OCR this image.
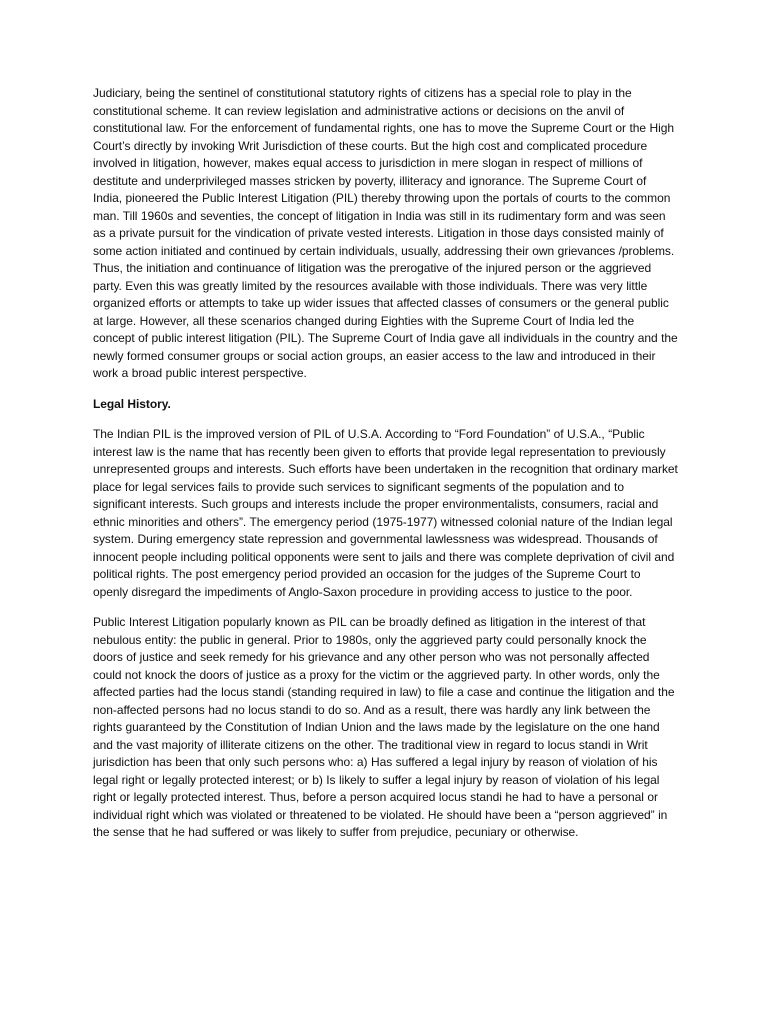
Judiciary, being the sentinel of constitutional statutory rights of citizens has a special role to play in the constitutional scheme. It can review legislation and administrative actions or decisions on the anvil of constitutional law. For the enforcement of fundamental rights, one has to move the Supreme Court or the High Court’s directly by invoking Writ Jurisdiction of these courts. But the high cost and complicated procedure involved in litigation, however, makes equal access to jurisdiction in mere slogan in respect of millions of destitute and underprivileged masses stricken by poverty, illiteracy and ignorance. The Supreme Court of India, pioneered the Public Interest Litigation (PIL) thereby throwing upon the portals of courts to the common man. Till 1960s and seventies, the concept of litigation in India was still in its rudimentary form and was seen as a private pursuit for the vindication of private vested interests. Litigation in those days consisted mainly of some action initiated and continued by certain individuals, usually, addressing their own grievances /problems. Thus, the initiation and continuance of litigation was the prerogative of the injured person or the aggrieved party. Even this was greatly limited by the resources available with those individuals. There was very little organized efforts or attempts to take up wider issues that affected classes of consumers or the general public at large. However, all these scenarios changed during Eighties with the Supreme Court of India led the concept of public interest litigation (PIL). The Supreme Court of India gave all individuals in the country and the newly formed consumer groups or social action groups, an easier access to the law and introduced in their work a broad public interest perspective.

Legal History.

The Indian PIL is the improved version of PIL of U.S.A. According to “Ford Foundation” of U.S.A., “Public interest law is the name that has recently been given to efforts that provide legal representation to previously unrepresented groups and interests. Such efforts have been undertaken in the recognition that ordinary market place for legal services fails to provide such services to significant segments of the population and to significant interests. Such groups and interests include the proper environmentalists, consumers, racial and ethnic minorities and others”. The emergency period (1975-1977) witnessed colonial nature of the Indian legal system. During emergency state repression and governmental lawlessness was widespread. Thousands of innocent people including political opponents were sent to jails and there was complete deprivation of civil and political rights. The post emergency period provided an occasion for the judges of the Supreme Court to openly disregard the impediments of Anglo-Saxon procedure in providing access to justice to the poor.

Public Interest Litigation popularly known as PIL can be broadly defined as litigation in the interest of that nebulous entity: the public in general. Prior to 1980s, only the aggrieved party could personally knock the doors of justice and seek remedy for his grievance and any other person who was not personally affected could not knock the doors of justice as a proxy for the victim or the aggrieved party. In other words, only the affected parties had the locus standi (standing required in law) to file a case and continue the litigation and the non-affected persons had no locus standi to do so. And as a result, there was hardly any link between the rights guaranteed by the Constitution of Indian Union and the laws made by the legislature on the one hand and the vast majority of illiterate citizens on the other. The traditional view in regard to locus standi in Writ jurisdiction has been that only such persons who: a) Has suffered a legal injury by reason of violation of his legal right or legally protected interest; or b) Is likely to suffer a legal injury by reason of violation of his legal right or legally protected interest. Thus, before a person acquired locus standi he had to have a personal or individual right which was violated or threatened to be violated. He should have been a “person aggrieved” in the sense that he had suffered or was likely to suffer from prejudice, pecuniary or otherwise.
